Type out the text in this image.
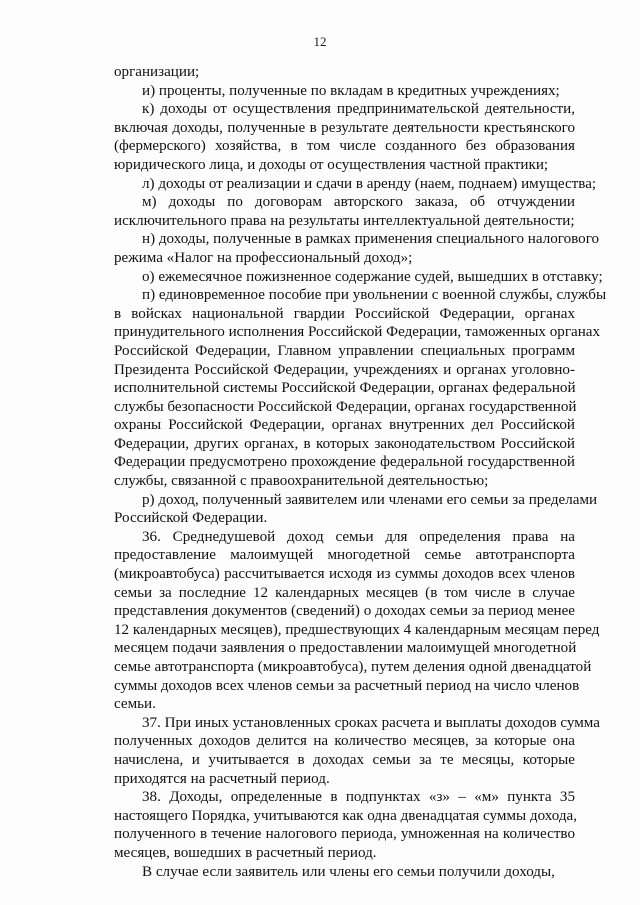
12
организации;
и) проценты, полученные по вкладам в кредитных учреждениях;
к) доходы от осуществления предпринимательской деятельности,
включая доходы, полученные в результате деятельности крестьянского
(фермерского) хозяйства, в том числе созданного без образования
юридического лица, и доходы от осуществления частной практики;
л) доходы от реализации и сдачи в аренду (наем, поднаем) имущества;
м) доходы по договорам авторского заказа, об отчуждении
исключительного права на результаты интеллектуальной деятельности;
н) доходы, полученные в рамках применения специального налогового
режима «Налог на профессиональный доход»;
о) ежемесячное пожизненное содержание судей, вышедших в отставку;
п) единовременное пособие при увольнении с военной службы, службы
в войсках национальной гвардии Российской Федерации, органах
принудительного исполнения Российской Федерации, таможенных органах
Российской Федерации, Главном управлении специальных программ
Президента Российской Федерации, учреждениях и органах уголовно-
исполнительной системы Российской Федерации, органах федеральной
службы безопасности Российской Федерации, органах государственной
охраны Российской Федерации, органах внутренних дел Российской
Федерации, других органах, в которых законодательством Российской
Федерации предусмотрено прохождение федеральной государственной
службы, связанной с правоохранительной деятельностью;
р) доход, полученный заявителем или членами его семьи за пределами
Российской Федерации.
36. Среднедушевой доход семьи для определения права на
предоставление малоимущей многодетной семье автотранспорта
(микроавтобуса) рассчитывается исходя из суммы доходов всех членов
семьи за последние 12 календарных месяцев (в том числе в случае
представления документов (сведений) о доходах семьи за период менее
12 календарных месяцев), предшествующих 4 календарным месяцам перед
месяцем подачи заявления о предоставлении малоимущей многодетной
семье автотранспорта (микроавтобуса), путем деления одной двенадцатой
суммы доходов всех членов семьи за расчетный период на число членов
семьи.
37. При иных установленных сроках расчета и выплаты доходов сумма
полученных доходов делится на количество месяцев, за которые она
начислена, и учитывается в доходах семьи за те месяцы, которые
приходятся на расчетный период.
38. Доходы, определенные в подпунктах «з» – «м» пункта 35
настоящего Порядка, учитываются как одна двенадцатая суммы дохода,
полученного в течение налогового периода, умноженная на количество
месяцев, вошедших в расчетный период.
В случае если заявитель или члены его семьи получили доходы,
